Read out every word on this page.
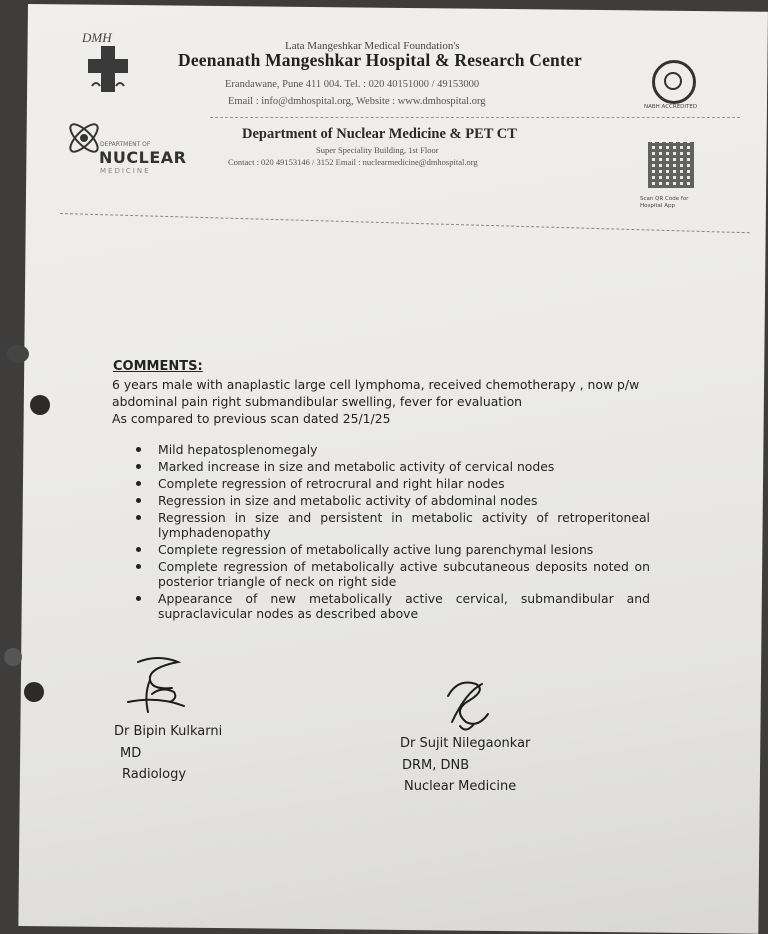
DMH
Lata Mangeshkar Medical Foundation's
Deenanath Mangeshkar Hospital & Research Center
Erandawane, Pune 411 004. Tel. : 020 40151000 / 49153000
Email : info@dmhospital.org, Website : www.dmhospital.org	NABH ACCREDITED
DEPARTMENT OF
NUCLEAR
MEDICINE
Department of Nuclear Medicine & PET CT
Super Speciality Building, 1st Floor
Contact : 020 49153146 / 3152 Email : nuclearmedicine@dmhospital.org
Scan QR Code for Hospital App
COMMENTS:
6 years male with anaplastic large cell lymphoma, received chemotherapy , now p/w
abdominal pain right submandibular swelling, fever for evaluation
As compared to previous scan dated 25/1/25
Mild hepatosplenomegaly
Marked increase in size and metabolic activity of cervical nodes
Complete regression of retrocrural and right hilar nodes
Regression in size and metabolic activity of abdominal nodes
Regression in size and persistent in metabolic activity of retroperitoneal lymphadenopathy
Complete regression of metabolically active lung parenchymal lesions
Complete regression of metabolically active subcutaneous deposits noted on posterior triangle of neck on right side
Appearance of new metabolically active cervical, submandibular and supraclavicular nodes as described above
Dr Bipin Kulkarni
MD
Radiology
Dr Sujit Nilegaonkar
DRM, DNB
Nuclear Medicine
